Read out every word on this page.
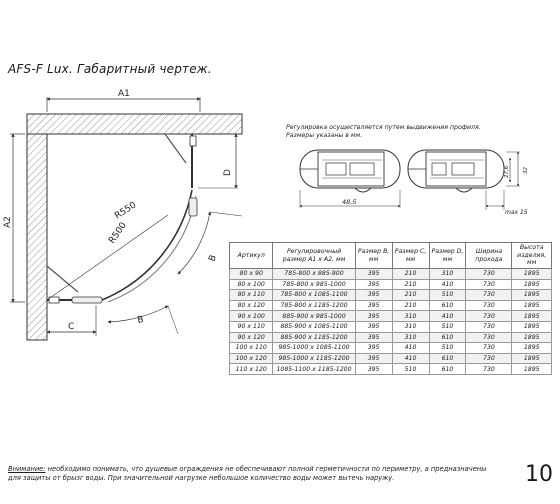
AFS-F Lux. Габаритный чертеж.
A1
A2
R550
R500
D
C
B
B
Регулировка осуществляется путем выдвижения профиля.
Размеры указаны в мм.
48,5
max 15
27,6 32
Артикул	Регулировочный размер А1 х А2, мм	Размер B, мм	Размер C, мм	Размер D, мм	Ширина прохода	Высота изделия, мм
80 x 90	785-800 x 885-900	395	210	310	730	1895
80 x 100	785-800 x 985-1000	395	210	410	730	1895
80 x 110	785-800 x 1085-1100	395	210	510	730	1895
80 x 120	785-800 x 1185-1200	395	210	610	730	1895
90 x 100	885-900 x 985-1000	395	310	410	730	1895
90 x 110	885-900 x 1085-1100	395	310	510	730	1895
90 x 120	885-900 x 1185-1200	395	310	610	730	1895
100 x 110	985-1000 x 1085-1100	395	410	510	730	1895
100 x 120	985-1000 x 1185-1200	395	410	610	730	1895
110 x 120	1085-1100 x 1185-1200	395	510	610	730	1895
Внимание: необходимо понимать, что душевые ограждения не обеспечивают полной герметичности по периметру, а предназначены для защиты от брызг воды. При значительной нагрузке небольшое количество воды может вытечь наружу.	10
